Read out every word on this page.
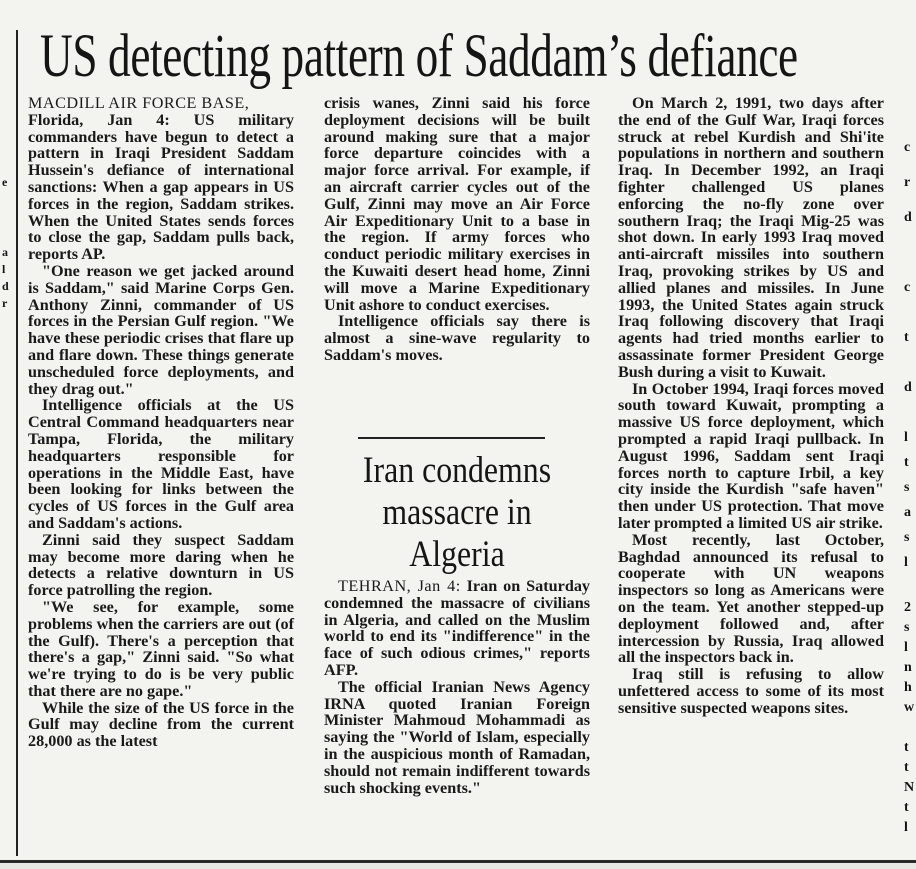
e
a
l
d
r
US detecting pattern of Saddam’s defiance

MACDILL AIR FORCE BASE,

Florida, Jan 4: US military commanders have begun to detect a pattern in Iraqi President Saddam Hussein's defiance of international sanctions: When a gap appears in US forces in the region, Saddam strikes. When the United States sends forces to close the gap, Saddam pulls back, reports AP.

"One reason we get jacked around is Saddam," said Marine Corps Gen. Anthony Zinni, commander of US forces in the Persian Gulf region. "We have these periodic crises that flare up and flare down. These things generate unscheduled force deployments, and they drag out."

Intelligence officials at the US Central Command headquarters near Tampa, Florida, the military headquarters responsible for operations in the Middle East, have been looking for links between the cycles of US forces in the Gulf area and Saddam's actions.

Zinni said they suspect Saddam may become more daring when he detects a relative downturn in US force patrolling the region.

"We see, for example, some problems when the carriers are out (of the Gulf). There's a perception that there's a gap," Zinni said. "So what we're trying to do is be very public that there are no gape."

While the size of the US force in the Gulf may decline from the current 28,000 as the latest

crisis wanes, Zinni said his force deployment decisions will be built around making sure that a major force departure coincides with a major force arrival. For example, if an aircraft carrier cycles out of the Gulf, Zinni may move an Air Force Air Expeditionary Unit to a base in the region. If army forces who conduct periodic military exercises in the Kuwaiti desert head home, Zinni will move a Marine Expeditionary Unit ashore to conduct exercises.

Intelligence officials say there is almost a sine-wave regularity to Saddam's moves.

Iran condemns massacre in Algeria

TEHRAN, Jan 4: Iran on Saturday condemned the massacre of civilians in Algeria, and called on the Muslim world to end its "indifference" in the face of such odious crimes," reports AFP.

The official Iranian News Agency IRNA quoted Iranian Foreign Minister Mahmoud Mohammadi as saying the "World of Islam, especially in the auspicious month of Ramadan, should not remain indifferent towards such shocking events."

On March 2, 1991, two days after the end of the Gulf War, Iraqi forces struck at rebel Kurdish and Shi'ite populations in northern and southern Iraq. In December 1992, an Iraqi fighter challenged US planes enforcing the no-fly zone over southern Iraq; the Iraqi Mig-25 was shot down. In early 1993 Iraq moved anti-aircraft missiles into southern Iraq, provoking strikes by US and allied planes and missiles. In June 1993, the United States again struck Iraq following discovery that Iraqi agents had tried months earlier to assassinate former President George Bush during a visit to Kuwait.

In October 1994, Iraqi forces moved south toward Kuwait, prompting a massive US force deployment, which prompted a rapid Iraqi pullback. In August 1996, Saddam sent Iraqi forces north to capture Irbil, a key city inside the Kurdish "safe haven" then under US protection. That move later prompted a limited US air strike.

Most recently, last October, Baghdad announced its refusal to cooperate with UN weapons inspectors so long as Americans were on the team. Yet another stepped-up deployment followed and, after intercession by Russia, Iraq allowed all the inspectors back in.

Iraq still is refusing to allow unfettered access to some of its most sensitive suspected weapons sites.

c
r
d
c
t
d
l
t
s
a
s
l
2
s
l
n
h
w
t
t
N
t
l
